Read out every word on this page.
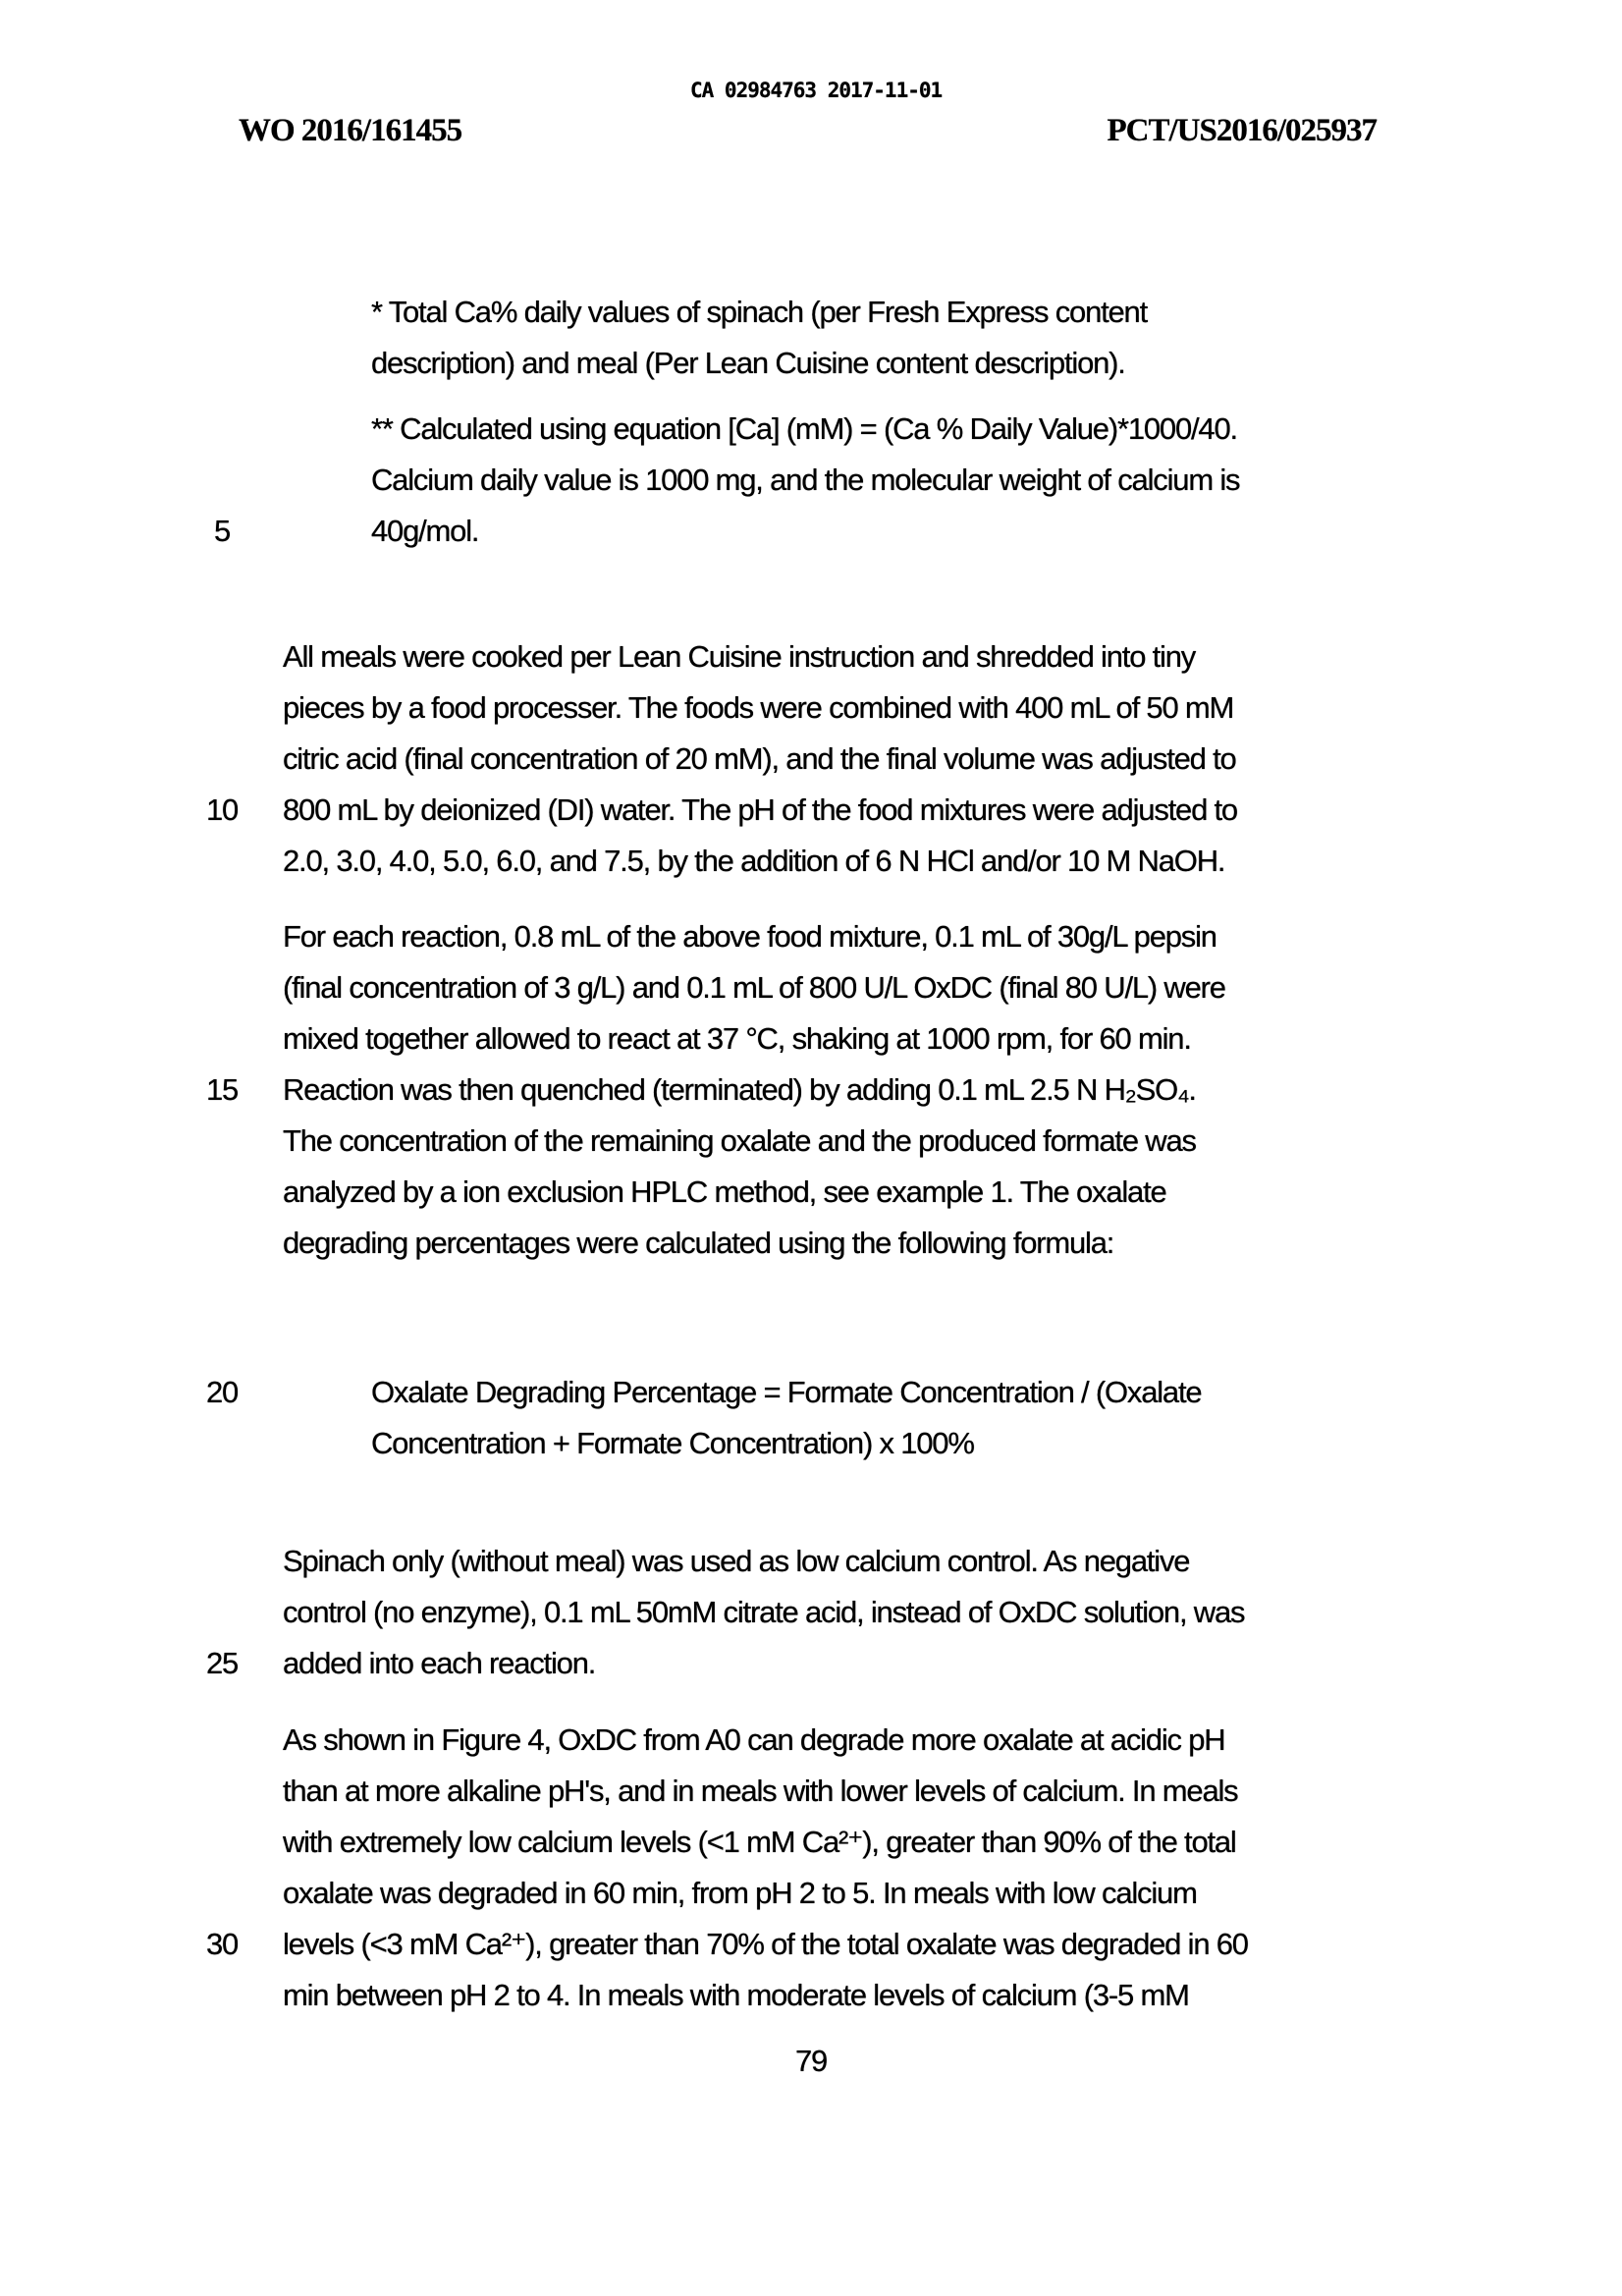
CA 02984763 2017-11-01
WO 2016/161455	PCT/US2016/025937
5
10
15
20
25
30
* Total Ca% daily values of spinach (per Fresh Express content
description) and meal (Per Lean Cuisine content description).
** Calculated using equation [Ca] (mM) = (Ca % Daily Value)*1000/40.
Calcium daily value is 1000 mg, and the molecular weight of calcium is
40g/mol.
All meals were cooked per Lean Cuisine instruction and shredded into tiny
pieces by a food processer. The foods were combined with 400 mL of 50 mM
citric acid (final concentration of 20 mM), and the final volume was adjusted to
800 mL by deionized (DI) water. The pH of the food mixtures were adjusted to
2.0, 3.0, 4.0, 5.0, 6.0, and 7.5, by the addition of 6 N HCl and/or 10 M NaOH.
For each reaction, 0.8 mL of the above food mixture, 0.1 mL of 30g/L pepsin
(final concentration of 3 g/L) and 0.1 mL of 800 U/L OxDC (final 80 U/L) were
mixed together allowed to react at 37 °C, shaking at 1000 rpm, for 60 min.
Reaction was then quenched (terminated) by adding 0.1 mL 2.5 N H₂SO₄.
The concentration of the remaining oxalate and the produced formate was
analyzed by a ion exclusion HPLC method, see example 1. The oxalate
degrading percentages were calculated using the following formula:
Oxalate Degrading Percentage = Formate Concentration / (Oxalate
Concentration + Formate Concentration) x 100%
Spinach only (without meal) was used as low calcium control. As negative
control (no enzyme), 0.1 mL 50mM citrate acid, instead of OxDC solution, was
added into each reaction.
As shown in Figure 4, OxDC from A0 can degrade more oxalate at acidic pH
than at more alkaline pH's, and in meals with lower levels of calcium. In meals
with extremely low calcium levels (<1 mM Ca²⁺), greater than 90% of the total
oxalate was degraded in 60 min, from pH 2 to 5. In meals with low calcium
levels (<3 mM Ca²⁺), greater than 70% of the total oxalate was degraded in 60
min between pH 2 to 4. In meals with moderate levels of calcium (3-5 mM
79
